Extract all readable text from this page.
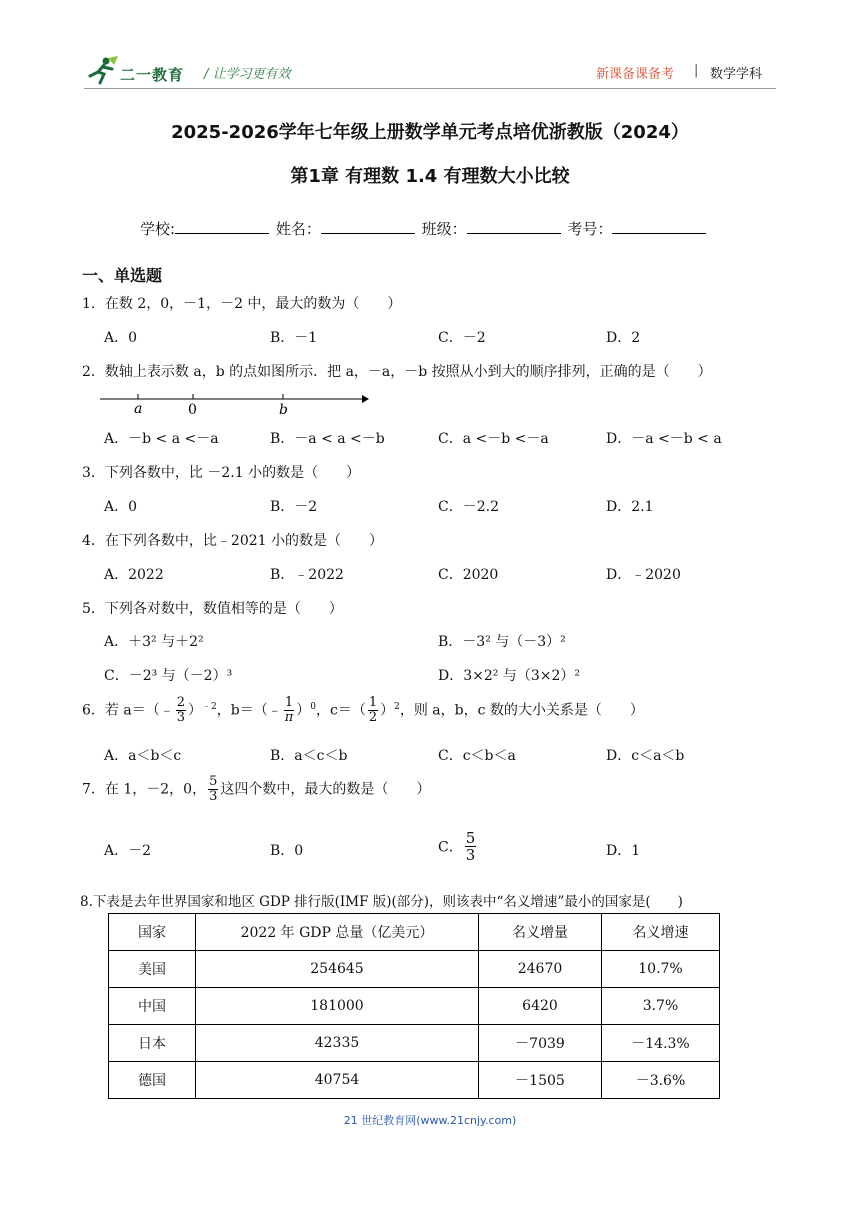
二一教育 / 让学习更有效	新课备课备考 | 数学学科
2025-2026学年七年级上册数学单元考点培优浙教版（2024）
第1章 有理数 1.4 有理数大小比较
学校:	姓名：	班级：	考号：
一、单选题
1．在数 2，0，－1，－2 中，最大的数为（　　）
A．0	B．－1	C．－2	D．2
2．数轴上表示数 a，b 的点如图所示．把 a，－a，－b 按照从小到大的顺序排列，正确的是（　　）
a	0	b
A．－b < a <－a	B．－a < a <－b	C．a <－b <－a	D．－a <－b < a
3．下列各数中，比 －2.1 小的数是（　　）
A．0	B．－2	C．－2.2	D．2.1
4．在下列各数中，比﹣2021 小的数是（　　）
A．2022	B．﹣2022	C．2020	D．﹣2020
5．下列各对数中，数值相等的是（　　）
A．＋3² 与＋2²	B．－3² 与（－3）²
C．－2³ 与（－2）³	D．3×2² 与（3×2）²
6．若 a＝（﹣ $\frac{2}{3} )^{﹣2}$，b＝（﹣ $\frac{1}{\pi} )^0$，$c=( \frac{1}{2} )^2$，则 a，b，c 数的大小关系是（　　）
A．a＜b＜c	B．a＜c＜b	C．c＜b＜a	D．c＜a＜b
7．在 1，－2，0， $\frac{5}{3}$ 这四个数中，最大的数是（　　）
A．－2	B．0	C． $\frac{5}{3}$	D．1
8.下表是去年世界国家和地区 GDP 排行版(IMF 版)(部分)，则该表中“名义增速”最小的国家是(　　)
国家	2022 年 GDP 总量（亿美元）	名义增量	名义增速
美国	254645	24670	10.7%
中国	181000	6420	3.7%
日本	42335	－7039	－14.3%
德国	40754	－1505	－3.6%
21 世纪教育网(www.21cnjy.com)
